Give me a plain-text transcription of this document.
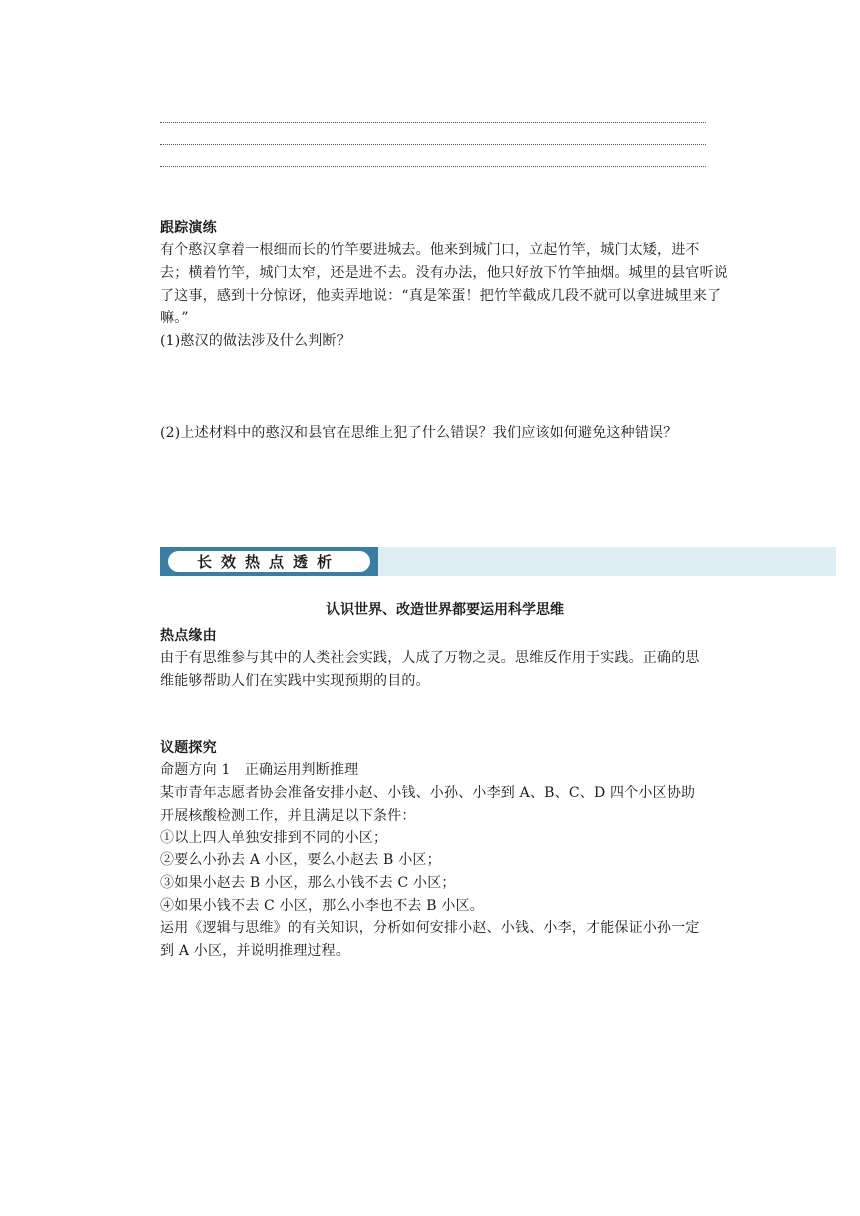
跟踪演练
有个憨汉拿着一根细而长的竹竿要进城去。他来到城门口，立起竹竿，城门太矮，进不
去；横着竹竿，城门太窄，还是进不去。没有办法，他只好放下竹竿抽烟。城里的县官听说
了这事，感到十分惊讶，他卖弄地说：“真是笨蛋！把竹竿截成几段不就可以拿进城里来了
嘛。”
(1)憨汉的做法涉及什么判断？
(2)上述材料中的憨汉和县官在思维上犯了什么错误？我们应该如何避免这种错误？
长效热点透析
认识世界、改造世界都要运用科学思维
热点缘由
由于有思维参与其中的人类社会实践，人成了万物之灵。思维反作用于实践。正确的思
维能够帮助人们在实践中实现预期的目的。
议题探究
命题方向 1　正确运用判断推理
某市青年志愿者协会准备安排小赵、小钱、小孙、小李到 A、B、C、D 四个小区协助
开展核酸检测工作，并且满足以下条件：
①以上四人单独安排到不同的小区；
②要么小孙去 A 小区，要么小赵去 B 小区；
③如果小赵去 B 小区，那么小钱不去 C 小区；
④如果小钱不去 C 小区，那么小李也不去 B 小区。
运用《逻辑与思维》的有关知识，分析如何安排小赵、小钱、小李，才能保证小孙一定
到 A 小区，并说明推理过程。
